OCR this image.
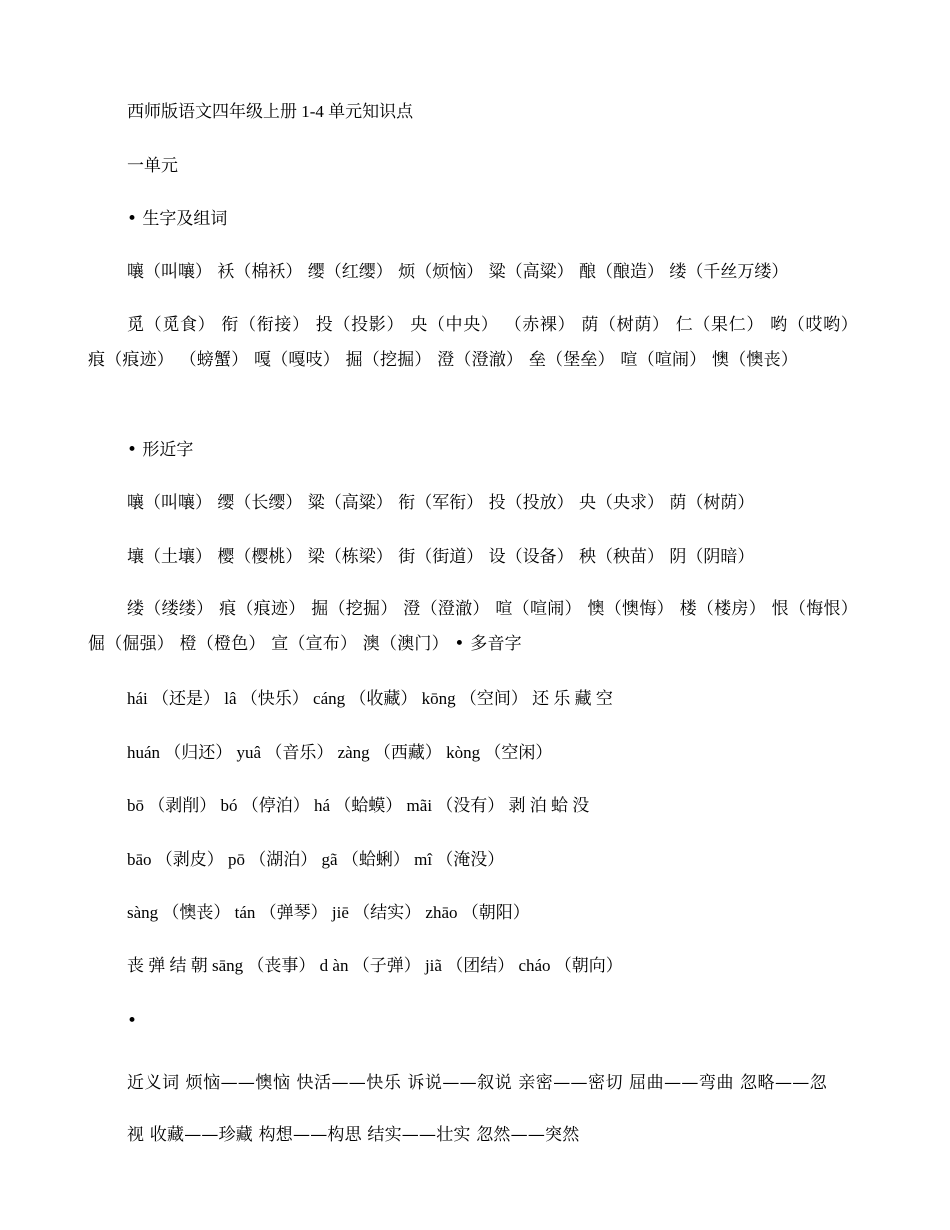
西师版语文四年级上册 1-4 单元知识点
一单元
• 生字及组词
嚷（叫嚷） 袄（棉袄） 缨（红缨） 烦（烦恼） 粱（高粱） 酿（酿造） 缕（千丝万缕）
觅（觅食） 衔（衔接） 投（投影） 央（中央） （赤裸） 荫（树荫） 仁（果仁） 哟（哎哟） 痕（痕迹） （螃蟹） 嘎（嘎吱） 掘（挖掘） 澄（澄澈） 垒（堡垒） 喧（喧闹） 懊（懊丧）
• 形近字
嚷（叫嚷） 缨（长缨） 粱（高粱） 衔（军衔） 投（投放） 央（央求） 荫（树荫）
壤（土壤） 樱（樱桃） 梁（栋梁） 街（街道） 设（设备） 秧（秧苗） 阴（阴暗）
缕（缕缕） 痕（痕迹） 掘（挖掘） 澄（澄澈） 喧（喧闹） 懊（懊悔） 楼（楼房） 恨（悔恨） 倔（倔强） 橙（橙色） 宣（宣布） 澳（澳门） • 多音字
hái （还是） lâ （快乐） cáng （收藏） kōng （空间） 还 乐 藏 空
huán （归还） yuâ （音乐） zàng （西藏） kòng （空闲）
bō （剥削） bó （停泊） há （蛤蟆） mãi （没有） 剥 泊 蛤 没
bāo （剥皮） pō （湖泊） gã （蛤蜊） mî （淹没）
sàng （懊丧） tán （弹琴） jiē （结实） zhāo （朝阳）
丧 弹 结 朝 sāng （丧事） d àn （子弹） jiã （团结） cháo （朝向）
•
近义词 烦恼——懊恼 快活——快乐 诉说——叙说 亲密——密切 屈曲——弯曲 忽略——忽视 收藏——珍藏 构想——构思 结实——壮实 忽然——突然
